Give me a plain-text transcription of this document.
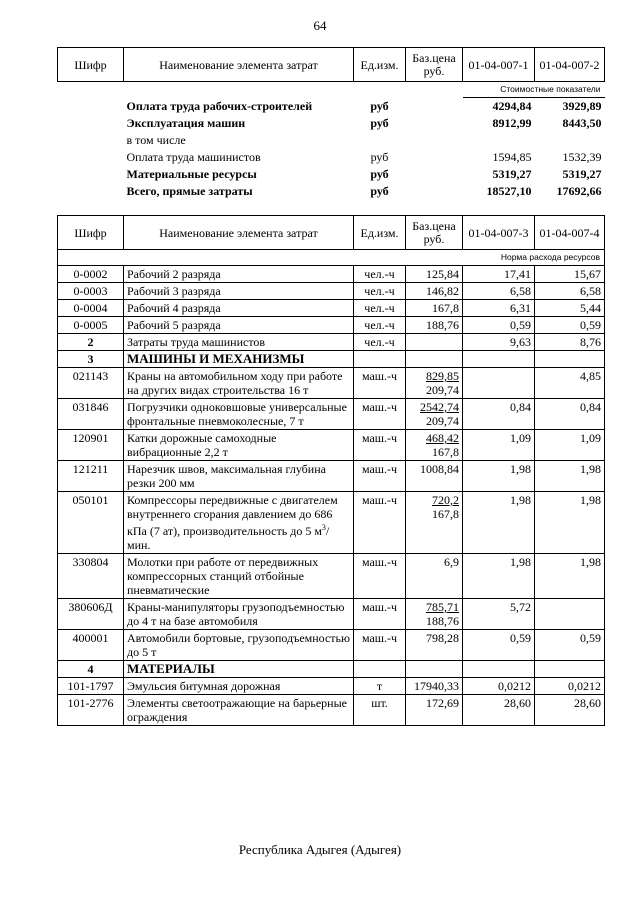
64
Шифр	Наименование элемента затрат	Ед.изм.	Баз.цена руб.	01-04-007-1	01-04-007-2
				Стоимостные показатели	
	Оплата труда рабочих-строителей	руб		4294,84	3929,89
	Эксплуатация машин	руб		8912,99	8443,50
	в том числе				
	Оплата труда машинистов	руб		1594,85	1532,39
	Материальные ресурсы	руб		5319,27	5319,27
	Всего, прямые затраты	руб		18527,10	17692,66
Шифр	Наименование элемента затрат	Ед.изм.	Баз.цена руб.	01-04-007-3	01-04-007-4
Норма расхода ресурсов					
0-0002	Рабочий 2 разряда	чел.-ч	125,84	17,41	15,67
0-0003	Рабочий 3 разряда	чел.-ч	146,82	6,58	6,58
0-0004	Рабочий 4 разряда	чел.-ч	167,8	6,31	5,44
0-0005	Рабочий 5 разряда	чел.-ч	188,76	0,59	0,59
2	Затраты труда машинистов	чел.-ч		9,63	8,76
3	МАШИНЫ И МЕХАНИЗМЫ				
021143	Краны на автомобильном ходу при работе на других видах строительства 16 т	маш.-ч	$\frac{829,85}{209,74}$		4,85
031846	Погрузчики одноковшовые универсальные фронтальные пневмоколесные, 7 т	маш.-ч	$\frac{2542,74}{209,74}$	0,84	0,84
120901	Катки дорожные самоходные вибрационные 2,2 т	маш.-ч	$\frac{468,42}{167,8}$	1,09	1,09
121211	Нарезчик швов, максимальная глубина резки 200 мм	маш.-ч	1008,84	1,98	1,98
050101	Компрессоры передвижные с двигателем внутреннего сгорания давлением до 686 кПа (7 ат), производительность до 5 $м^3$/мин.	маш.-ч	$\frac{720,2}{167,8}$	1,98	1,98
330804	Молотки при работе от передвижных компрессорных станций отбойные пневматические	маш.-ч	6,9	1,98	1,98
380606Д	Краны-манипуляторы грузоподъемностью до 4 т на базе автомобиля	маш.-ч	$\frac{785,71}{188,76}$	5,72	
400001	Автомобили бортовые, грузоподъемностью до 5 т	маш.-ч	798,28	0,59	0,59
4	МАТЕРИАЛЫ				
101-1797	Эмульсия битумная дорожная	т	17940,33	0,0212	0,0212
101-2776	Элементы светоотражающие на барьерные ограждения	шт.	172,69	28,60	28,60
Республика Адыгея (Адыгея)
